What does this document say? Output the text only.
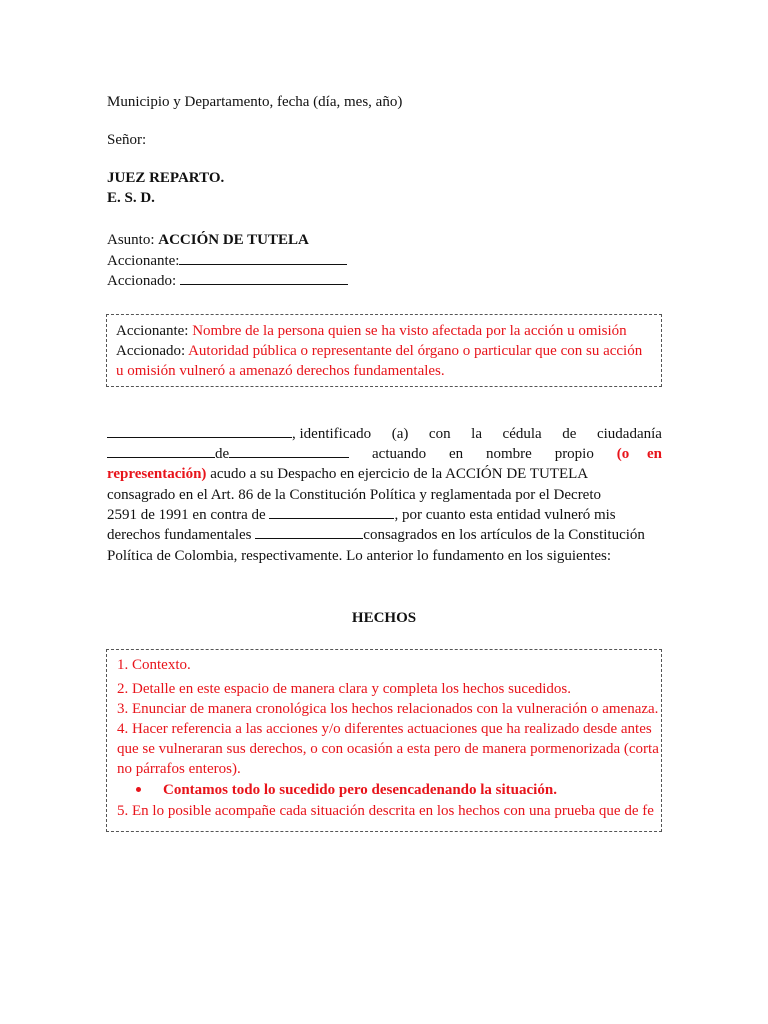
Municipio y Departamento, fecha (día, mes, año)
Señor:
JUEZ REPARTO.
E. S. D.
Asunto: ACCIÓN DE TUTELA
Accionante:
Accionado:
Accionante: Nombre de la persona quien se ha visto afectada por la acción u omisión
Accionado: Autoridad pública o representante del órgano o particular que con su acción
u omisión vulneró a amenazó derechos fundamentales.
, identificado (a) con la cédula de ciudadanía
de	actuando en nombre propio (o en
representación) acudo a su Despacho en ejercicio de la ACCIÓN DE TUTELA
consagrado en el Art. 86 de la Constitución Política y reglamentada por el Decreto
2591 de 1991 en contra de	, por cuanto esta entidad vulneró mis
derechos fundamentales	consagrados en los artículos de la Constitución
Política de Colombia, respectivamente. Lo anterior lo fundamento en los siguientes:
HECHOS
1. Contexto.
2. Detalle en este espacio de manera clara y completa los hechos sucedidos.
3. Enunciar de manera cronológica los hechos relacionados con la vulneración o amenaza.
4. Hacer referencia a las acciones y/o diferentes actuaciones que ha realizado desde antes
que se vulneraran sus derechos, o con ocasión a esta pero de manera pormenorizada (corta
no párrafos enteros).
Contamos todo lo sucedido pero desencadenando la situación.
5. En lo posible acompañe cada situación descrita en los hechos con una prueba que de fe
